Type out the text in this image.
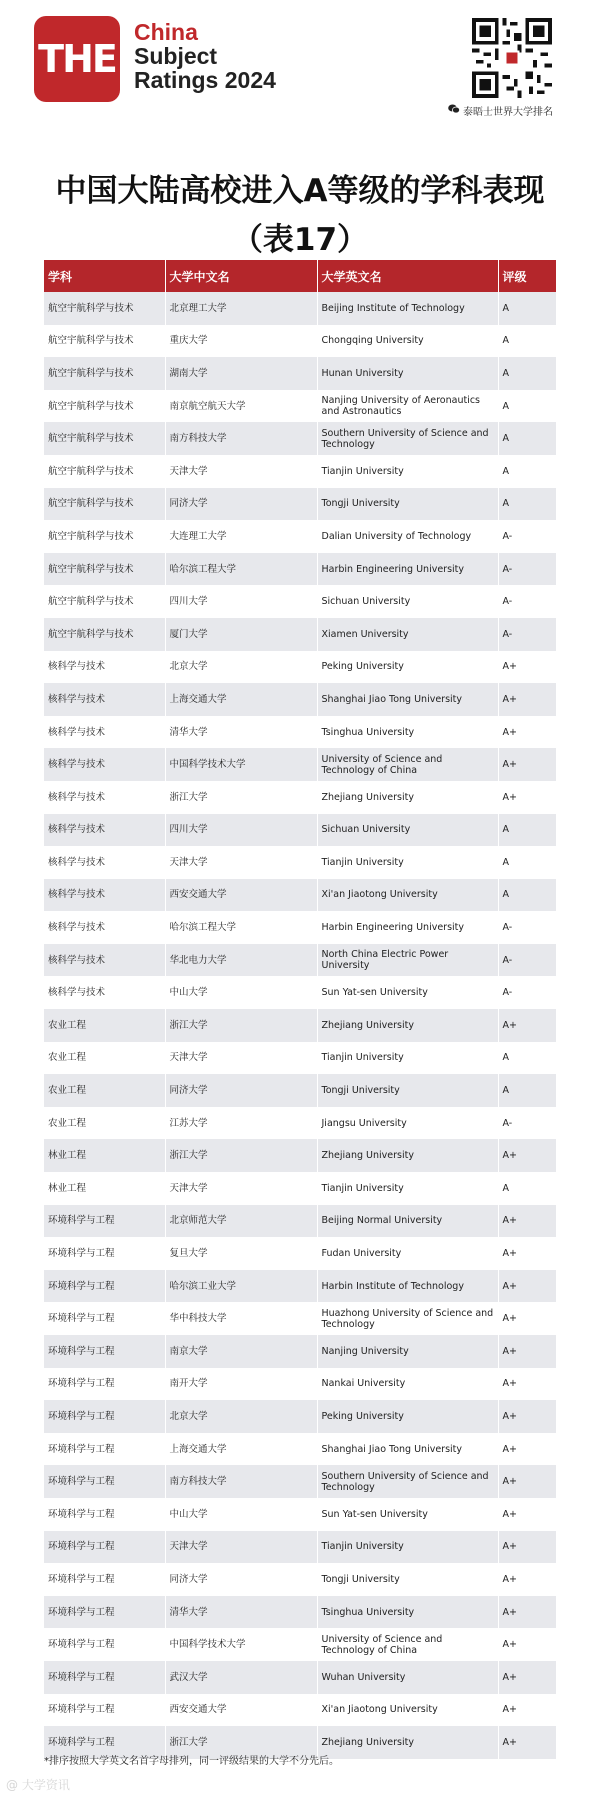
THE
China
Subject
Ratings 2024
泰晤士世界大学排名
中国大陆高校进入A等级的学科表现
（表17）
学科	大学中文名	大学英文名	评级
航空宇航科学与技术	北京理工大学	Beijing Institute of Technology	A
航空宇航科学与技术	重庆大学	Chongqing University	A
航空宇航科学与技术	湖南大学	Hunan University	A
航空宇航科学与技术	南京航空航天大学	Nanjing University of Aeronautics and Astronautics	A
航空宇航科学与技术	南方科技大学	Southern University of Science and Technology	A
航空宇航科学与技术	天津大学	Tianjin University	A
航空宇航科学与技术	同济大学	Tongji University	A
航空宇航科学与技术	大连理工大学	Dalian University of Technology	A-
航空宇航科学与技术	哈尔滨工程大学	Harbin Engineering University	A-
航空宇航科学与技术	四川大学	Sichuan University	A-
航空宇航科学与技术	厦门大学	Xiamen University	A-
核科学与技术	北京大学	Peking University	A+
核科学与技术	上海交通大学	Shanghai Jiao Tong University	A+
核科学与技术	清华大学	Tsinghua University	A+
核科学与技术	中国科学技术大学	University of Science and Technology of China	A+
核科学与技术	浙江大学	Zhejiang University	A+
核科学与技术	四川大学	Sichuan University	A
核科学与技术	天津大学	Tianjin University	A
核科学与技术	西安交通大学	Xi'an Jiaotong University	A
核科学与技术	哈尔滨工程大学	Harbin Engineering University	A-
核科学与技术	华北电力大学	North China Electric Power University	A-
核科学与技术	中山大学	Sun Yat-sen University	A-
农业工程	浙江大学	Zhejiang University	A+
农业工程	天津大学	Tianjin University	A
农业工程	同济大学	Tongji University	A
农业工程	江苏大学	Jiangsu University	A-
林业工程	浙江大学	Zhejiang University	A+
林业工程	天津大学	Tianjin University	A
环境科学与工程	北京师范大学	Beijing Normal University	A+
环境科学与工程	复旦大学	Fudan University	A+
环境科学与工程	哈尔滨工业大学	Harbin Institute of Technology	A+
环境科学与工程	华中科技大学	Huazhong University of Science and Technology	A+
环境科学与工程	南京大学	Nanjing University	A+
环境科学与工程	南开大学	Nankai University	A+
环境科学与工程	北京大学	Peking University	A+
环境科学与工程	上海交通大学	Shanghai Jiao Tong University	A+
环境科学与工程	南方科技大学	Southern University of Science and Technology	A+
环境科学与工程	中山大学	Sun Yat-sen University	A+
环境科学与工程	天津大学	Tianjin University	A+
环境科学与工程	同济大学	Tongji University	A+
环境科学与工程	清华大学	Tsinghua University	A+
环境科学与工程	中国科学技术大学	University of Science and Technology of China	A+
环境科学与工程	武汉大学	Wuhan University	A+
环境科学与工程	西安交通大学	Xi'an Jiaotong University	A+
环境科学与工程	浙江大学	Zhejiang University	A+
*排序按照大学英文名首字母排列，同一评级结果的大学不分先后。
@ 大学资讯
